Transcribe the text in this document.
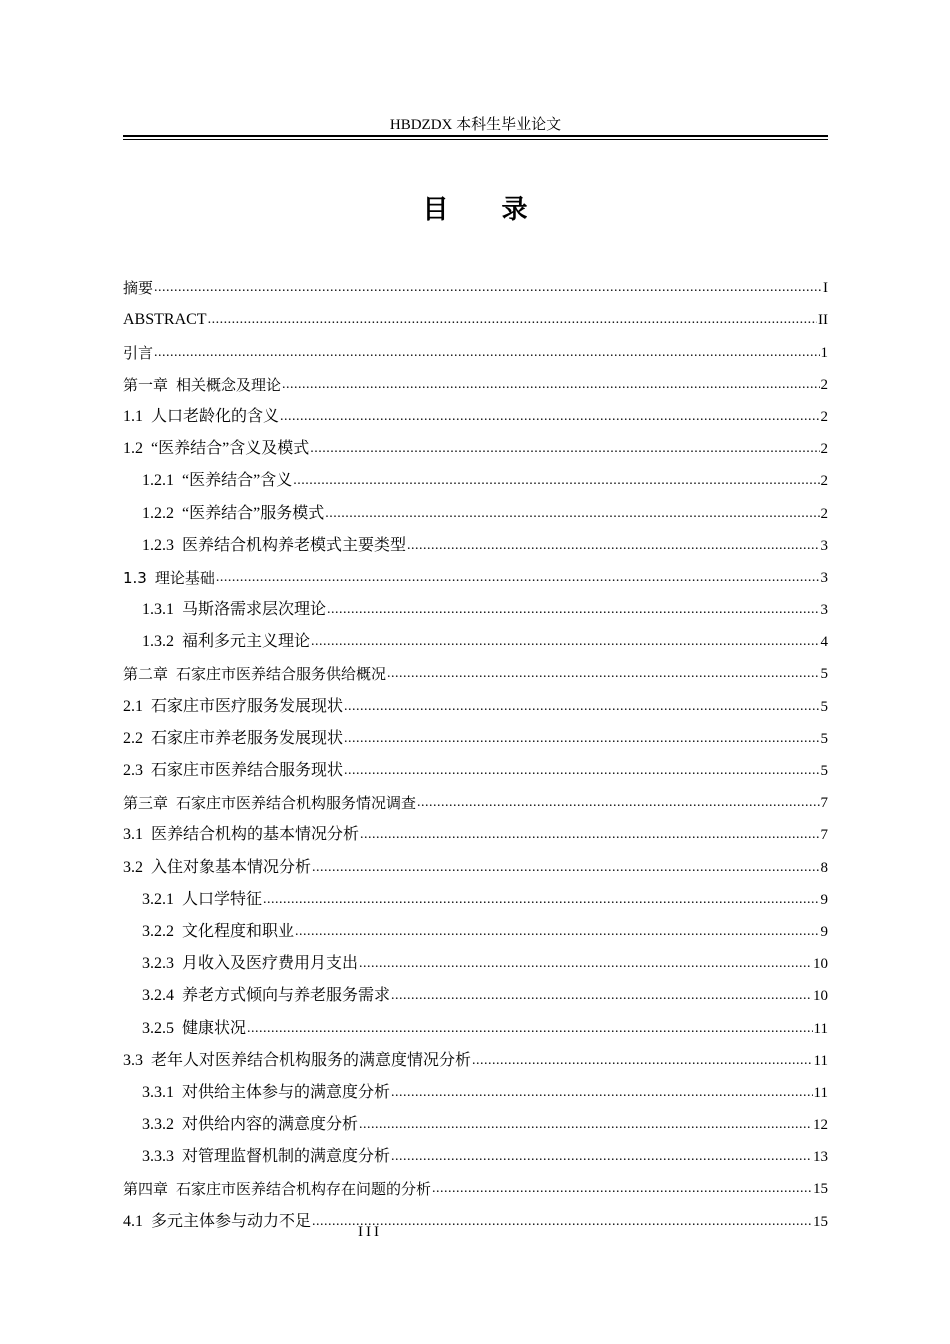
HBDZDX 本科生毕业论文
目 录
摘要 .....	I
ABSTRACT .....	II
引言 .....	1
第一章 相关概念及理论 .....	2
1.1 人口老龄化的含义 .....	2
1.2 “医养结合”含义及模式 .....	2
1.2.1 “医养结合”含义 .....	2
1.2.2 “医养结合”服务模式 .....	2
1.2.3 医养结合机构养老模式主要类型 .....	3
1.3 理论基础 .....	3
1.3.1 马斯洛需求层次理论 .....	3
1.3.2 福利多元主义理论 .....	4
第二章 石家庄市医养结合服务供给概况 .....	5
2.1 石家庄市医疗服务发展现状 .....	5
2.2 石家庄市养老服务发展现状 .....	5
2.3 石家庄市医养结合服务现状 .....	5
第三章 石家庄市医养结合机构服务情况调查 .....	7
3.1 医养结合机构的基本情况分析 .....	7
3.2 入住对象基本情况分析 .....	8
3.2.1 人口学特征 .....	9
3.2.2 文化程度和职业 .....	9
3.2.3 月收入及医疗费用月支出 .....	10
3.2.4 养老方式倾向与养老服务需求 .....	10
3.2.5 健康状况 .....	11
3.3 老年人对医养结合机构服务的满意度情况分析 .....	11
3.3.1 对供给主体参与的满意度分析 .....	11
3.3.2 对供给内容的满意度分析 .....	12
3.3.3 对管理监督机制的满意度分析 .....	13
第四章 石家庄市医养结合机构存在问题的分析 .....	15
4.1 多元主体参与动力不足 .....	15
III
